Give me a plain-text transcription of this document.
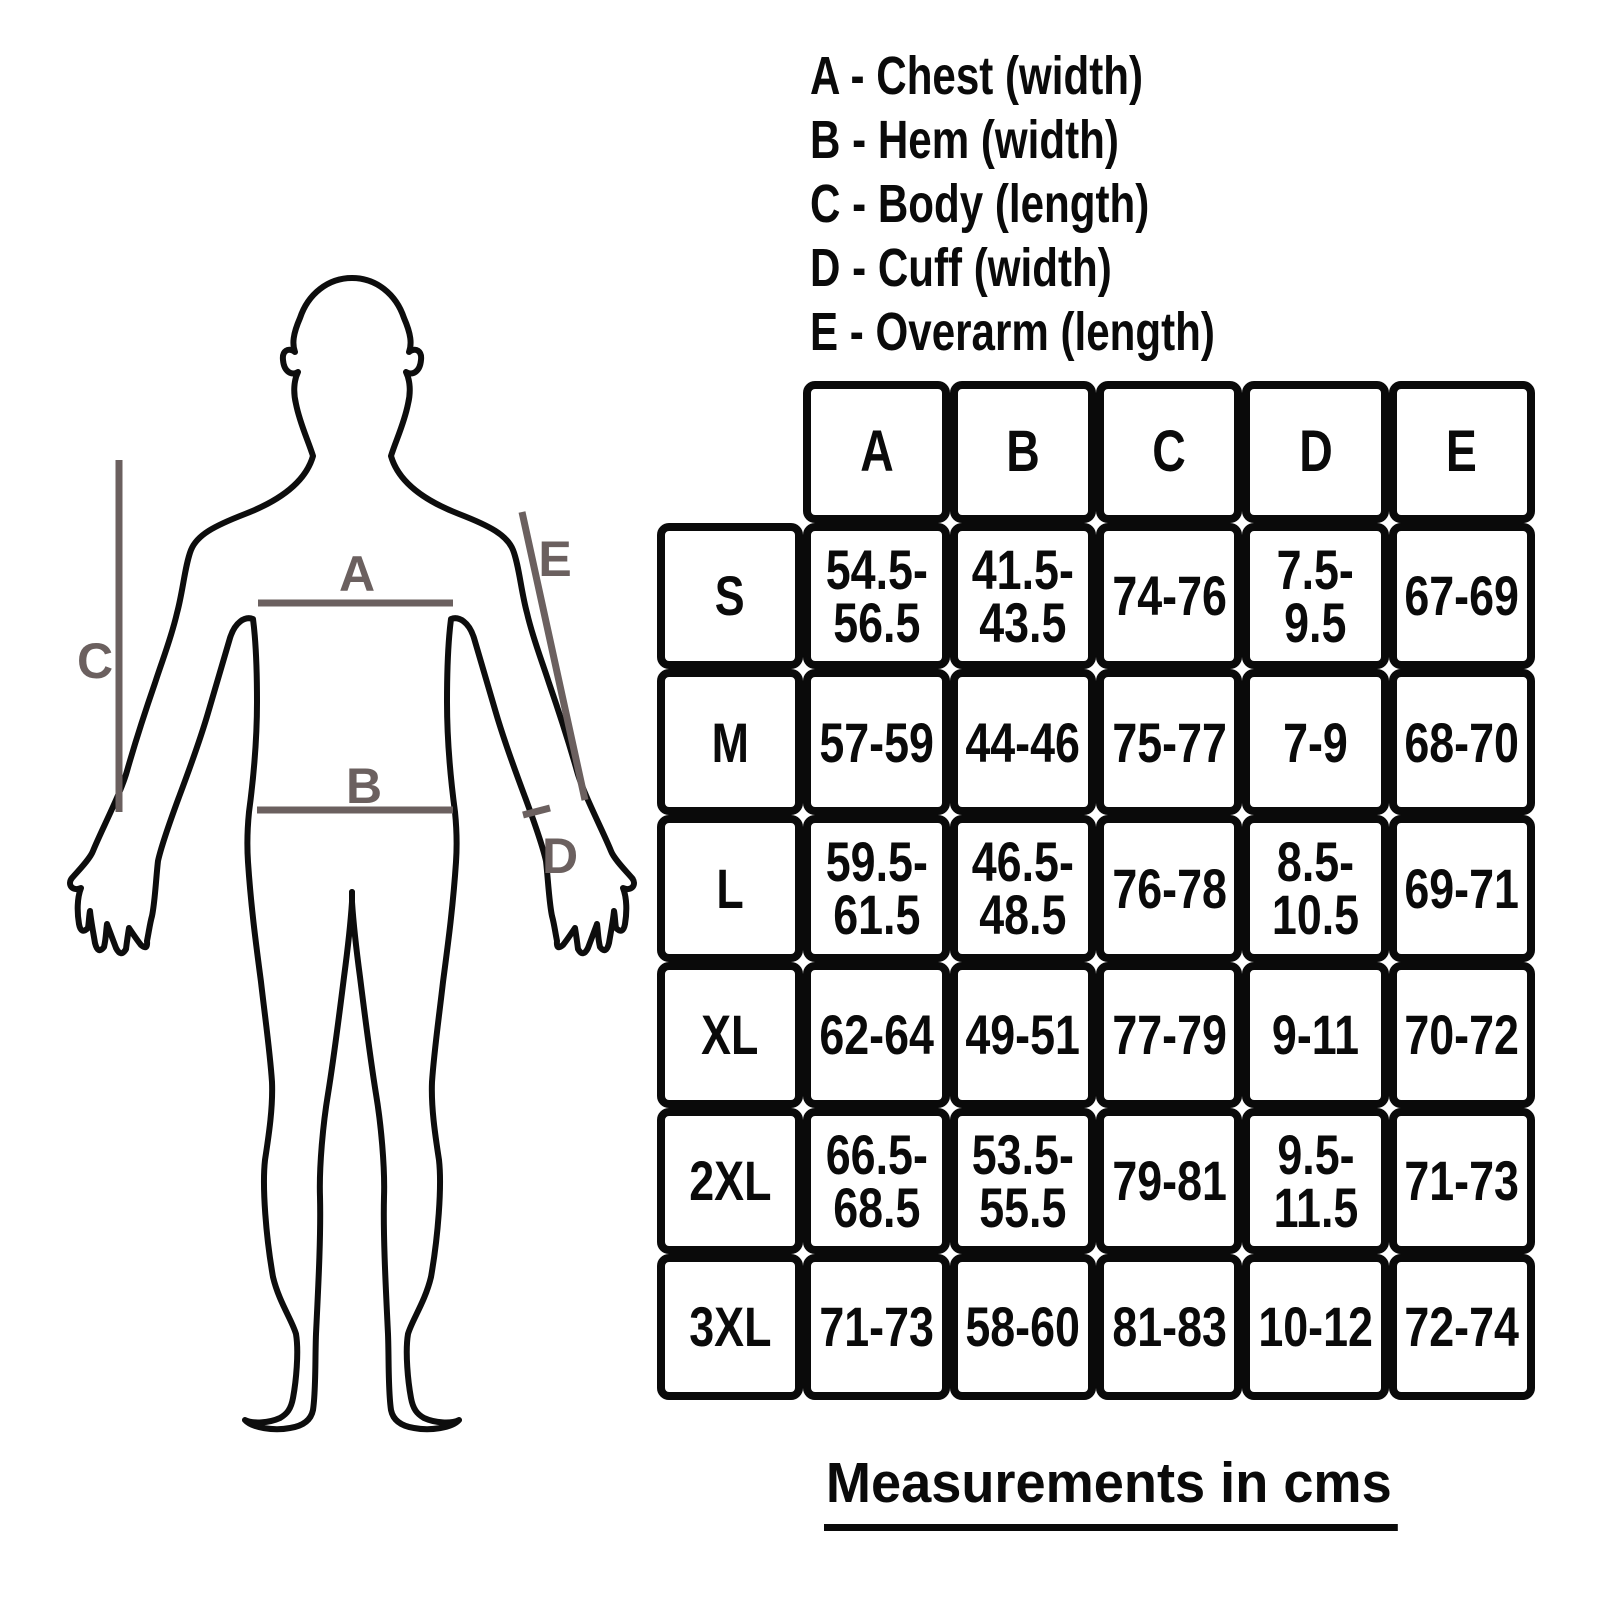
A
B
C
D
E
A - Chest (width)
B - Hem (width)
C - Body (length)
D - Cuff (width)
E - Overarm (length)
A B C D E
S 54.5-
56.5
41.5-
43.5 74-76 7.5-
9.5 67-69
M 57-59 44-46 75-77 7-9 68-70
L 59.5-
61.5
46.5-
48.5 76-78 8.5-
10.5 69-71
XL 62-64 49-51 77-79 9-11 70-72
2XL 66.5-
68.5
53.5-
55.5 79-81 9.5-
11.5 71-73
3XL 71-73 58-60 81-83 10-12 72-74
Measurements in cms
